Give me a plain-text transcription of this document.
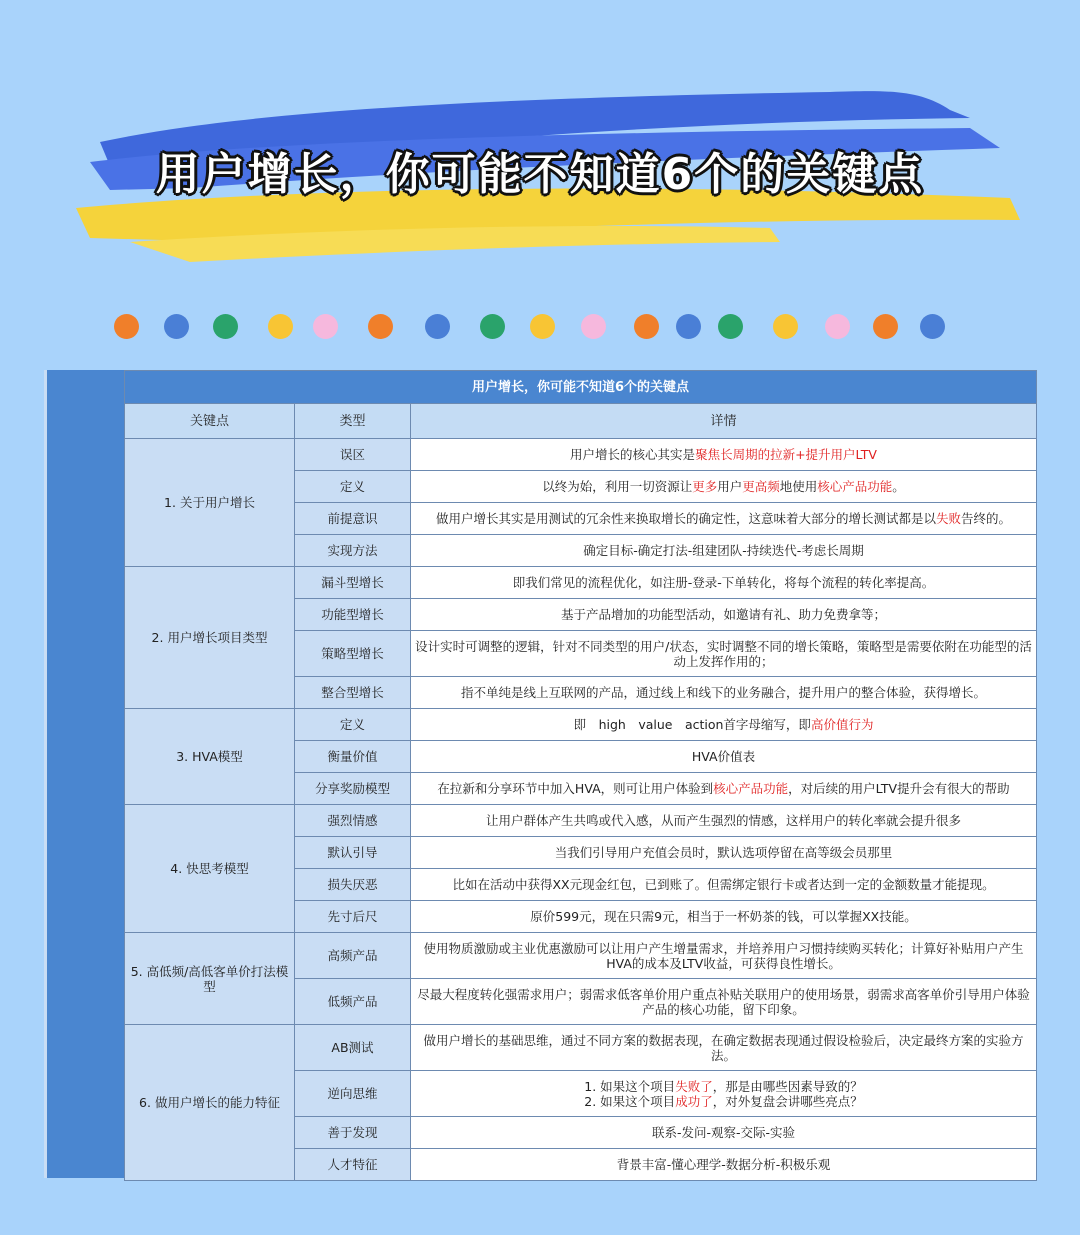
用户增长，你可能不知道6个的关键点
用户增长，你可能不知道6个的关键点		
关键点	类型	详情
1. 关于用户增长	误区	用户增长的核心其实是聚焦长周期的拉新+提升用户LTV
	定义	以终为始，利用一切资源让更多用户更高频地使用核心产品功能。
	前提意识	做用户增长其实是用测试的冗余性来换取增长的确定性，这意味着大部分的增长测试都是以失败告终的。
	实现方法	确定目标-确定打法-组建团队-持续迭代-考虑长周期
2. 用户增长项目类型	漏斗型增长	即我们常见的流程优化，如注册-登录-下单转化，将每个流程的转化率提高。
	功能型增长	基于产品增加的功能型活动，如邀请有礼、助力免费拿等；
	策略型增长	设计实时可调整的逻辑，针对不同类型的用户/状态，实时调整不同的增长策略，策略型是需要依附在功能型的活动上发挥作用的；
	整合型增长	指不单纯是线上互联网的产品，通过线上和线下的业务融合，提升用户的整合体验，获得增长。
3. HVA模型	定义	即　high　value　action首字母缩写，即高价值行为
	衡量价值	HVA价值表
	分享奖励模型	在拉新和分享环节中加入HVA，则可让用户体验到核心产品功能，对后续的用户LTV提升会有很大的帮助
4. 快思考模型	强烈情感	让用户群体产生共鸣或代入感，从而产生强烈的情感，这样用户的转化率就会提升很多
	默认引导	当我们引导用户充值会员时，默认选项停留在高等级会员那里
	损失厌恶	比如在活动中获得XX元现金红包，已到账了。但需绑定银行卡或者达到一定的金额数量才能提现。
	先寸后尺	原价599元，现在只需9元，相当于一杯奶茶的钱，可以掌握XX技能。
5. 高低频/高低客单价打法模型	高频产品	使用物质激励或主业优惠激励可以让用户产生增量需求，并培养用户习惯持续购买转化；计算好补贴用户产生HVA的成本及LTV收益，可获得良性增长。
	低频产品	尽最大程度转化强需求用户；弱需求低客单价用户重点补贴关联用户的使用场景，弱需求高客单价引导用户体验产品的核心功能，留下印象。
6. 做用户增长的能力特征	AB测试	做用户增长的基础思维，通过不同方案的数据表现，在确定数据表现通过假设检验后，决定最终方案的实验方法。
	逆向思维	1. 如果这个项目失败了，那是由哪些因素导致的？
2. 如果这个项目成功了，对外复盘会讲哪些亮点？
	善于发现	联系-发问-观察-交际-实验
	人才特征	背景丰富-懂心理学-数据分析-积极乐观
